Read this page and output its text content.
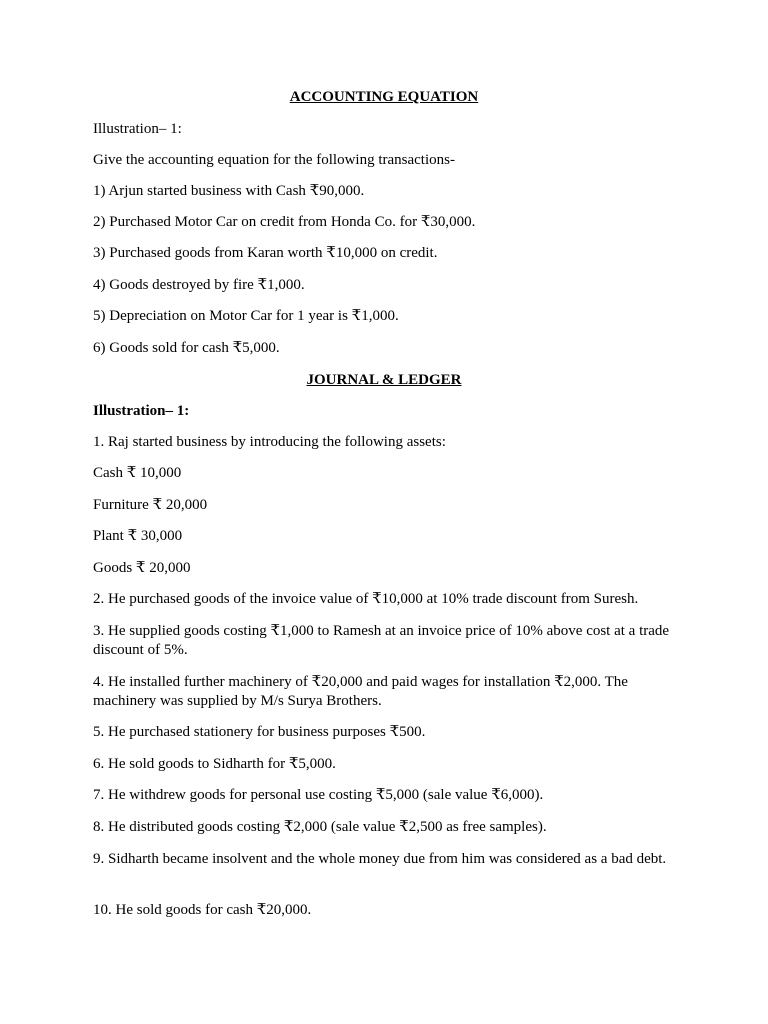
ACCOUNTING EQUATION
Illustration– 1:
Give the accounting equation for the following transactions-
1) Arjun started business with Cash ₹90,000.
2) Purchased Motor Car on credit from Honda Co. for ₹30,000.
3) Purchased goods from Karan worth ₹10,000 on credit.
4) Goods destroyed by fire ₹1,000.
5) Depreciation on Motor Car for 1 year is ₹1,000.
6) Goods sold for cash ₹5,000.
JOURNAL & LEDGER
Illustration– 1:
1. Raj started business by introducing the following assets:
Cash ₹ 10,000
Furniture ₹ 20,000
Plant ₹ 30,000
Goods ₹ 20,000
2. He purchased goods of the invoice value of ₹10,000 at 10% trade discount from Suresh.
3. He supplied goods costing ₹1,000 to Ramesh at an invoice price of 10% above cost at a trade discount of 5%.
4. He installed further machinery of ₹20,000 and paid wages for installation ₹2,000. The machinery was supplied by M/s Surya Brothers.
5. He purchased stationery for business purposes ₹500.
6. He sold goods to Sidharth for ₹5,000.
7. He withdrew goods for personal use costing ₹5,000 (sale value ₹6,000).
8. He distributed goods costing ₹2,000 (sale value ₹2,500 as free samples).
9. Sidharth became insolvent and the whole money due from him was considered as a bad debt.
10. He sold goods for cash ₹20,000.
